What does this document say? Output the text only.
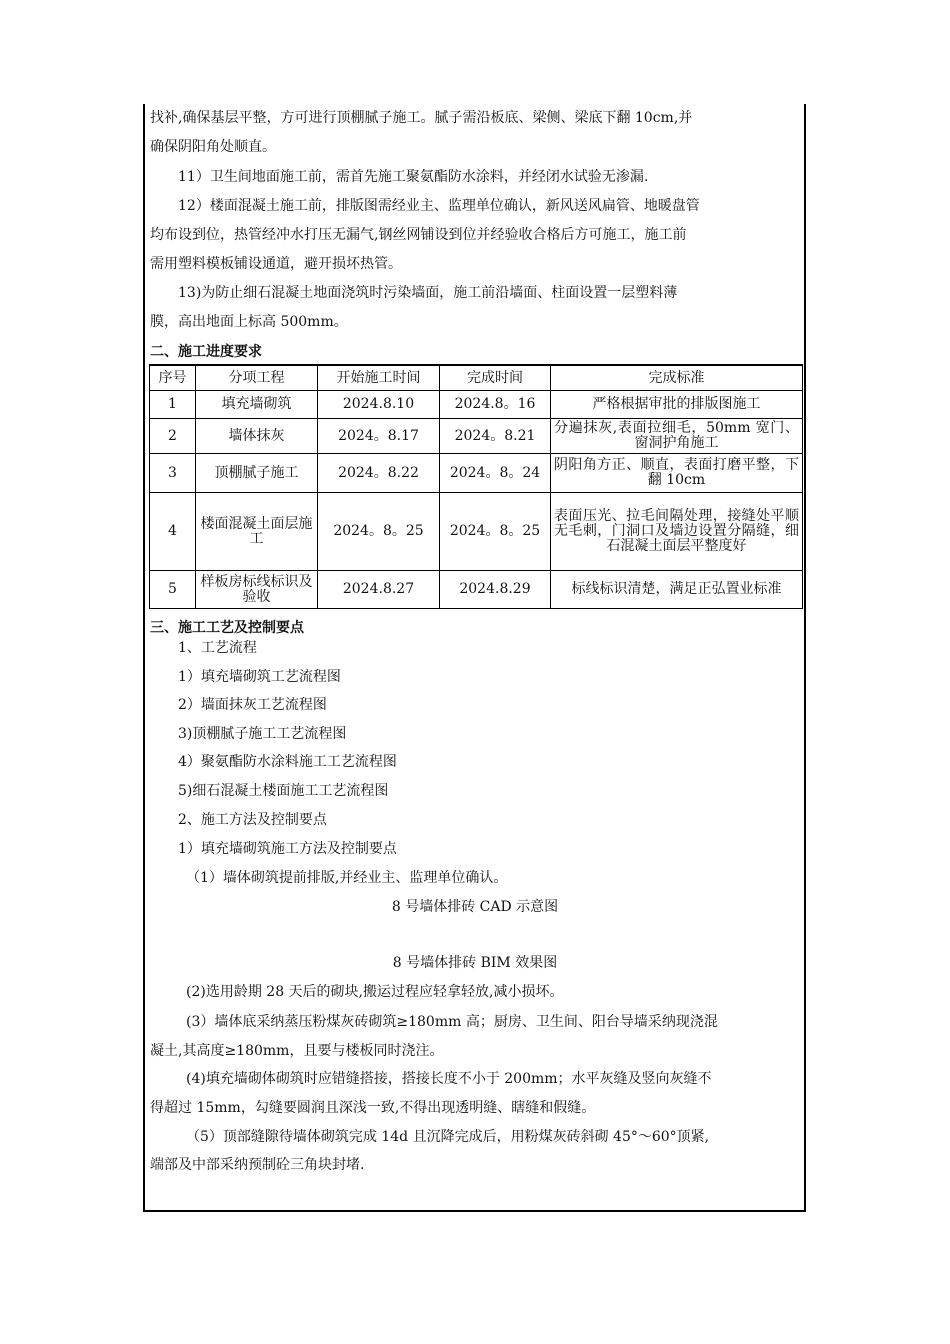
找补,确保基层平整，方可进行顶棚腻子施工。腻子需沿板底、梁侧、梁底下翻 10cm,并

确保阴阳角处顺直。

11）卫生间地面施工前，需首先施工聚氨酯防水涂料，并经闭水试验无渗漏.

12）楼面混凝土施工前，排版图需经业主、监理单位确认，新风送风扁管、地暖盘管

均布设到位，热管经冲水打压无漏气,钢丝网铺设到位并经验收合格后方可施工，施工前

需用塑料模板铺设通道，避开损坏热管。

13)为防止细石混凝土地面浇筑时污染墙面，施工前沿墙面、柱面设置一层塑料薄

膜，高出地面上标高 500mm。

二、施工进度要求

序号	分项工程	开始施工时间	完成时间	完成标准
1	填充墙砌筑	2024.8.10	2024.8。16	严格根据审批的排版图施工
2	墙体抹灰	2024。8.17	2024。8.21	分遍抹灰,表面拉细毛，50mm 宽门、窗洞护角施工
3	顶棚腻子施工	2024。8.22	2024。8。24	阴阳角方正、顺直，表面打磨平整，下翻 10cm
4	楼面混凝土面层施工	2024。8。25	2024。8。25	表面压光、拉毛间隔处理，接缝处平顺无毛刺，门洞口及墙边设置分隔缝，细石混凝土面层平整度好
5	样板房标线标识及验收	2024.8.27	2024.8.29	标线标识清楚，满足正弘置业标准

三、施工工艺及控制要点

1、工艺流程

1）填充墙砌筑工艺流程图

2）墙面抹灰工艺流程图

3)顶棚腻子施工工艺流程图

4）聚氨酯防水涂料施工工艺流程图

5)细石混凝土楼面施工工艺流程图

2、施工方法及控制要点

1）填充墙砌筑施工方法及控制要点

（1）墙体砌筑提前排版,并经业主、监理单位确认。

8 号墙体排砖 CAD 示意图

8 号墙体排砖 BIM 效果图

(2)选用龄期 28 天后的砌块,搬运过程应轻拿轻放,减小损坏。

(3）墙体底采纳蒸压粉煤灰砖砌筑≥180mm 高；厨房、卫生间、阳台导墙采纳现浇混

凝土,其高度≥180mm，且要与楼板同时浇注。

(4)填充墙砌体砌筑时应错缝搭接，搭接长度不小于 200mm；水平灰缝及竖向灰缝不

得超过 15mm，勾缝要圆润且深浅一致,不得出现透明缝、瞎缝和假缝。

（5）顶部缝隙待墙体砌筑完成 14d 且沉降完成后，用粉煤灰砖斜砌 45°～60°顶紧,

端部及中部采纳预制砼三角块封堵.
